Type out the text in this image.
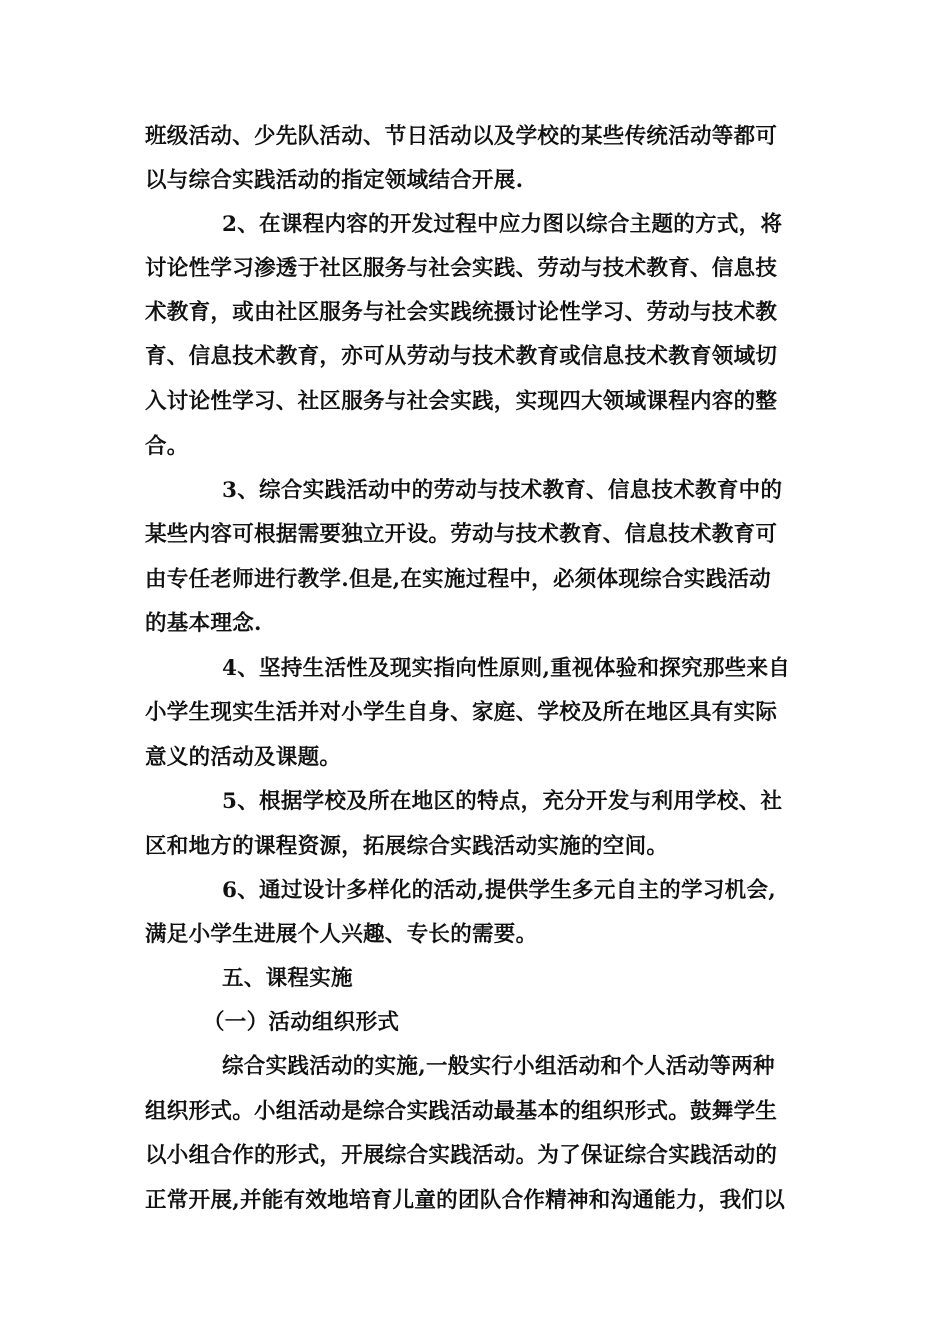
班级活动、少先队活动、节日活动以及学校的某些传统活动等都可
以与综合实践活动的指定领域结合开展.
2、在课程内容的开发过程中应力图以综合主题的方式，将
讨论性学习渗透于社区服务与社会实践、劳动与技术教育、信息技
术教育，或由社区服务与社会实践统摄讨论性学习、劳动与技术教
育、信息技术教育，亦可从劳动与技术教育或信息技术教育领域切
入讨论性学习、社区服务与社会实践，实现四大领域课程内容的整
合。
3、综合实践活动中的劳动与技术教育、信息技术教育中的
某些内容可根据需要独立开设。劳动与技术教育、信息技术教育可
由专任老师进行教学.但是,在实施过程中，必须体现综合实践活动
的基本理念.
4、坚持生活性及现实指向性原则,重视体验和探究那些来自
小学生现实生活并对小学生自身、家庭、学校及所在地区具有实际
意义的活动及课题。
5、根据学校及所在地区的特点，充分开发与利用学校、社
区和地方的课程资源，拓展综合实践活动实施的空间。
6、通过设计多样化的活动,提供学生多元自主的学习机会,
满足小学生进展个人兴趣、专长的需要。
五、课程实施
（一）活动组织形式
综合实践活动的实施,一般实行小组活动和个人活动等两种
组织形式。小组活动是综合实践活动最基本的组织形式。鼓舞学生
以小组合作的形式，开展综合实践活动。为了保证综合实践活动的
正常开展,并能有效地培育儿童的团队合作精神和沟通能力，我们以
